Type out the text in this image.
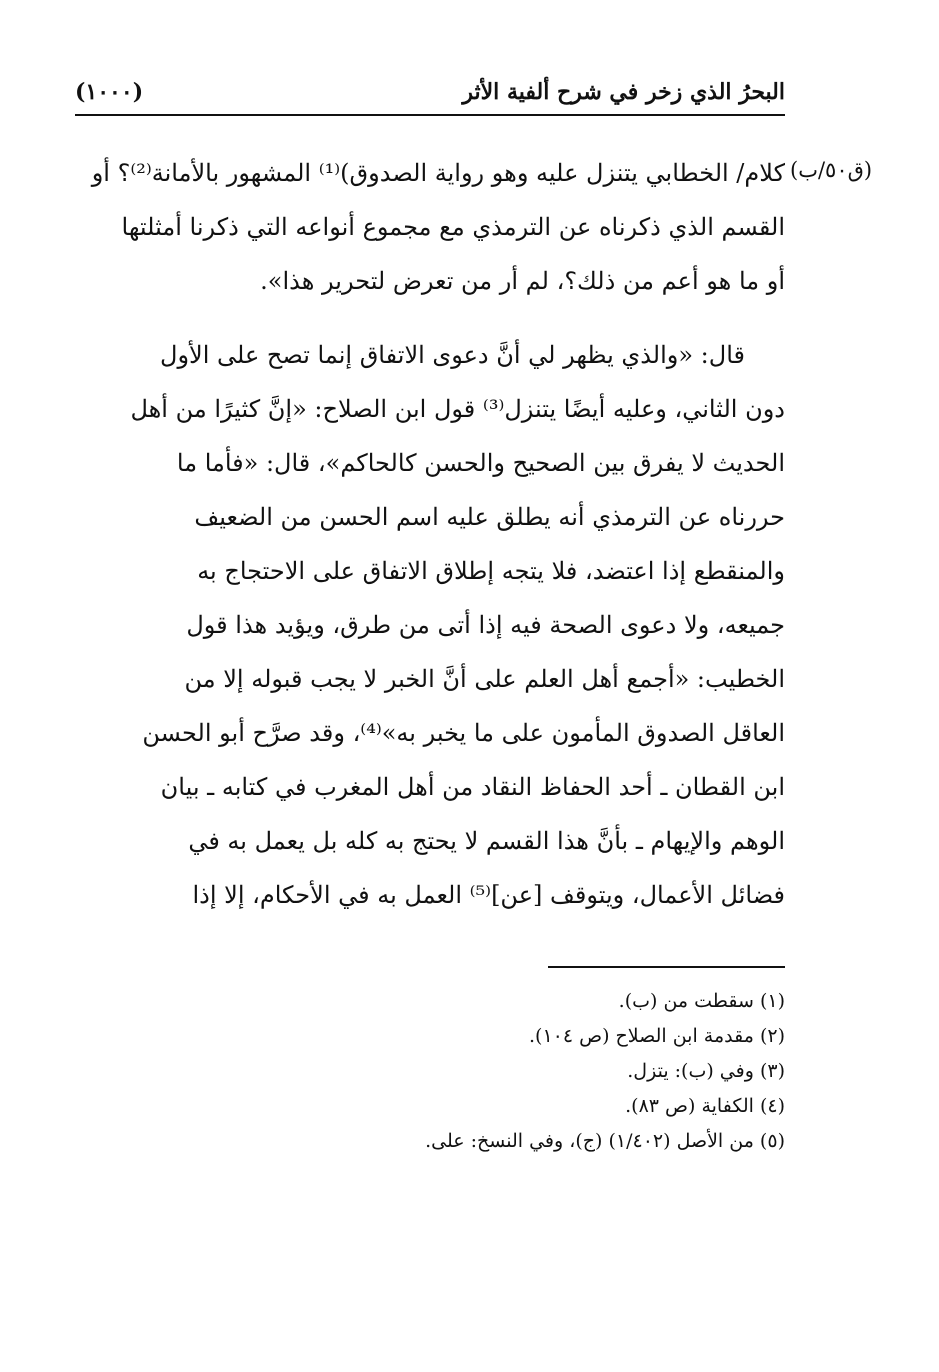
البحرُ الذي زخر في شرح ألفية الأثر
(١٠٠٠)
(ق٥٠/ب)
كلام/ الخطابي يتنزل عليه وهو رواية الصدوق)⁽¹⁾ المشهور بالأمانة⁽²⁾؟ أو
القسم الذي ذكرناه عن الترمذي مع مجموع أنواعه التي ذكرنا أمثلتها
أو ما هو أعم من ذلك؟، لم أر من تعرض لتحرير هذا».
قال: «والذي يظهر لي أنَّ دعوى الاتفاق إنما تصح على الأول
دون الثاني، وعليه أيضًا يتنزل⁽³⁾ قول ابن الصلاح: «إنَّ كثيرًا من أهل
الحديث لا يفرق بين الصحيح والحسن كالحاكم»، قال: «فأما ما
حررناه عن الترمذي أنه يطلق عليه اسم الحسن من الضعيف
والمنقطع إذا اعتضد، فلا يتجه إطلاق الاتفاق على الاحتجاج به
جميعه، ولا دعوى الصحة فيه إذا أتى من طرق، ويؤيد هذا قول
الخطيب: «أجمع أهل العلم على أنَّ الخبر لا يجب قبوله إلا من
العاقل الصدوق المأمون على ما يخبر به»⁽⁴⁾، وقد صرَّح أبو الحسن
ابن القطان ـ أحد الحفاظ النقاد من أهل المغرب في كتابه ـ بيان
الوهم والإيهام ـ بأنَّ هذا القسم لا يحتج به كله بل يعمل به في
فضائل الأعمال، ويتوقف [عن]⁽⁵⁾ العمل به في الأحكام، إلا إذا
(١) سقطت من (ب).
(٢) مقدمة ابن الصلاح (ص ١٠٤).
(٣) وفي (ب): يتزل.
(٤) الكفاية (ص ٨٣).
(٥) من الأصل (١/٤٠٢) (ج)، وفي النسخ: على.
